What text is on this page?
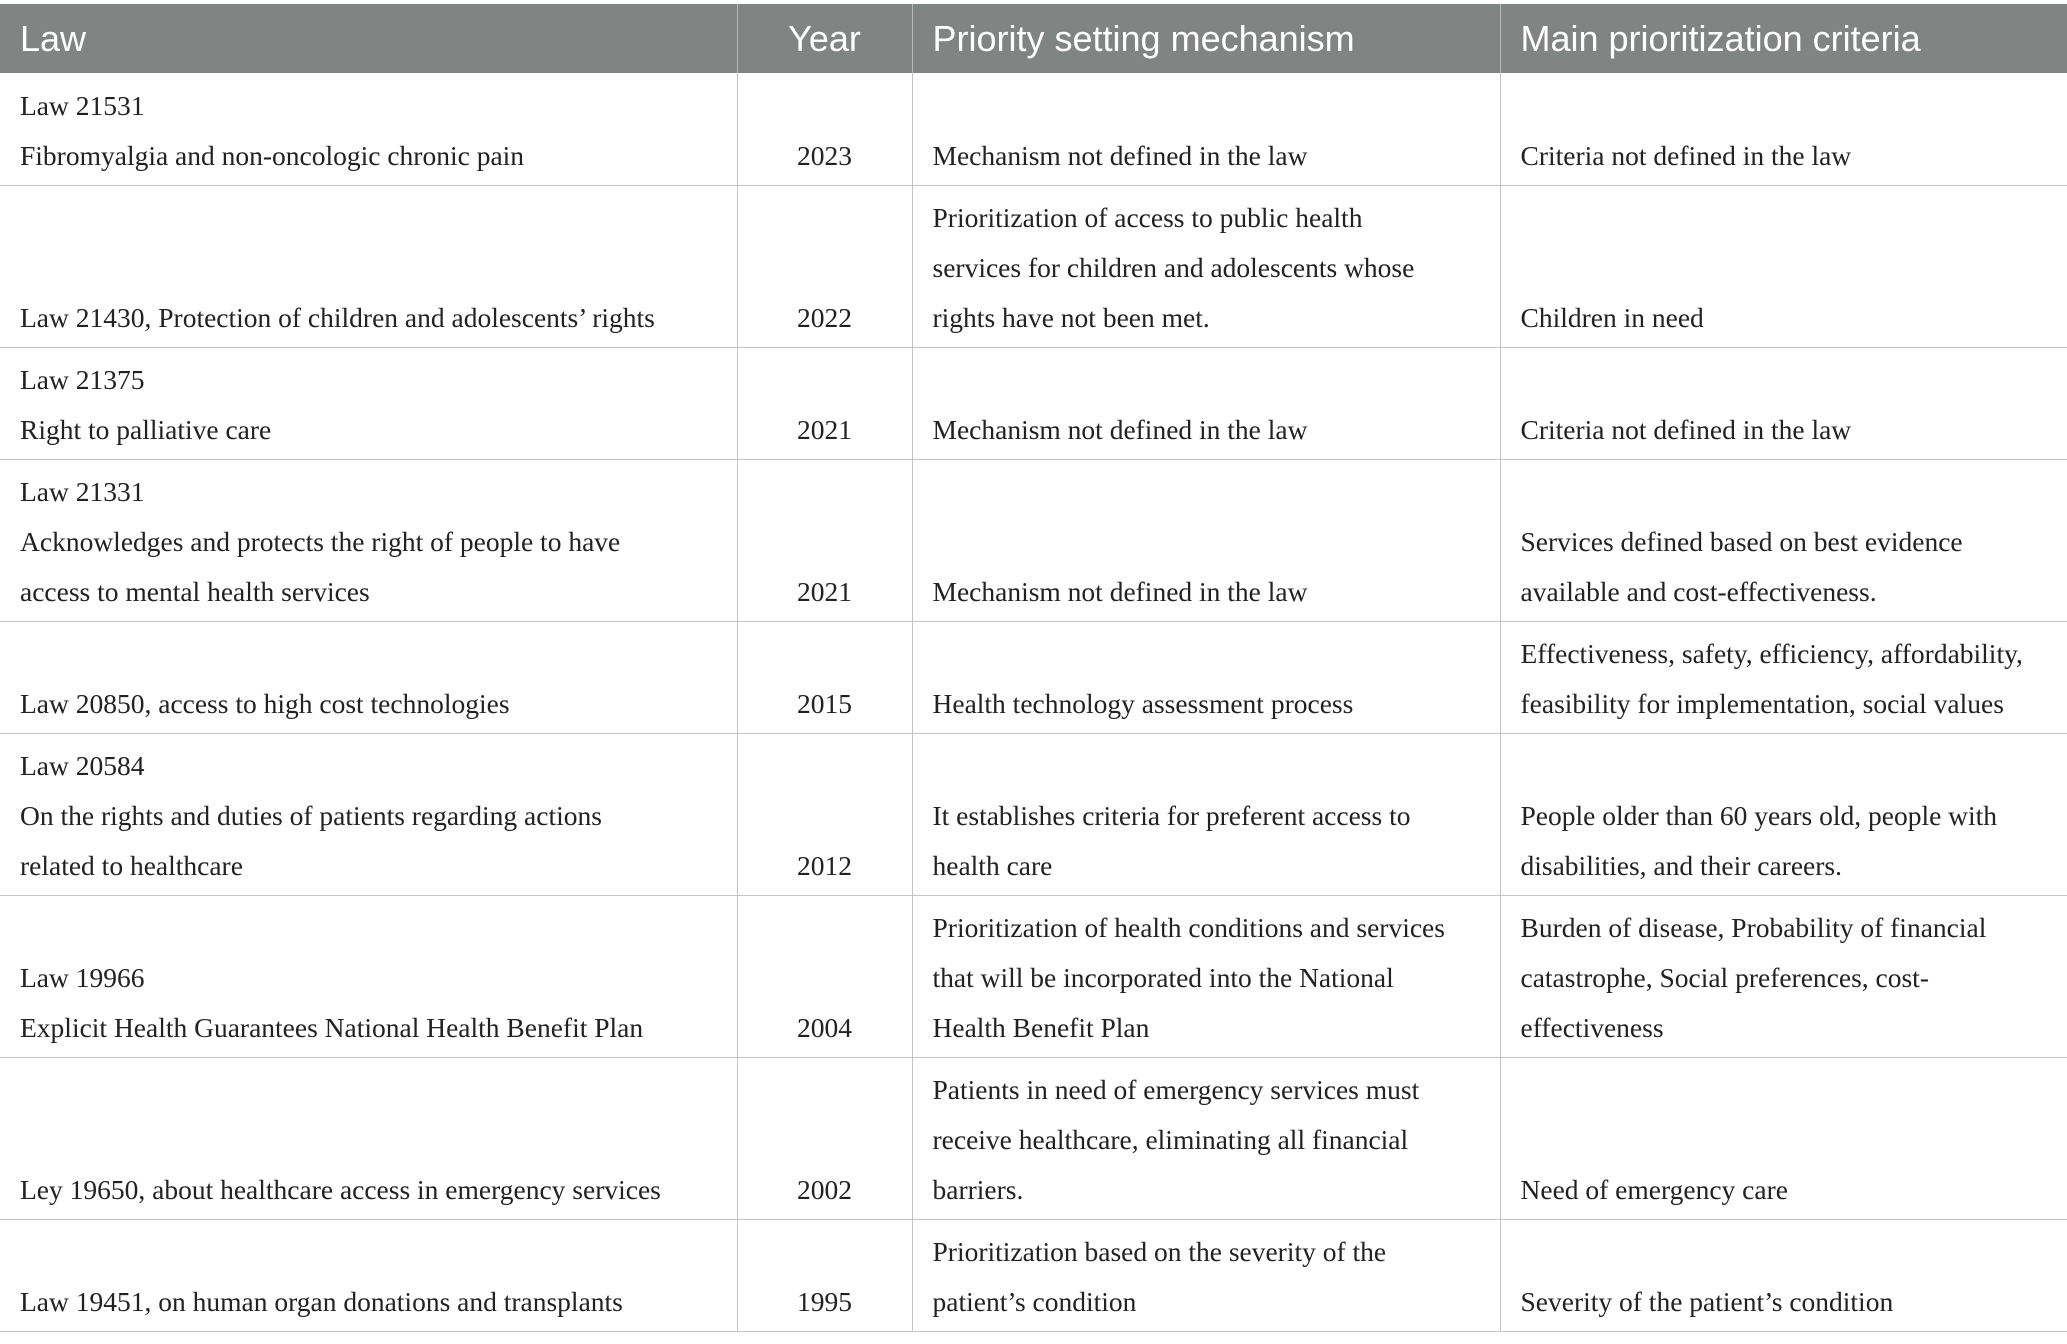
Law	Year	Priority setting mechanism	Main prioritization criteria

Law 21531
Fibromyalgia and non-oncologic chronic pain	2023	Mechanism not defined in the law	Criteria not defined in the law

Law 21430, Protection of children and adolescents’ rights	2022	Prioritization of access to public health
services for children and adolescents whose
rights have not been met.	Children in need

Law 21375
Right to palliative care	2021	Mechanism not defined in the law	Criteria not defined in the law

Law 21331
Acknowledges and protects the right of people to have
access to mental health services	2021	Mechanism not defined in the law	Services defined based on best evidence
available and cost-effectiveness.

Law 20850, access to high cost technologies	2015	Health technology assessment process	Effectiveness, safety, efficiency, affordability,
feasibility for implementation, social values

Law 20584
On the rights and duties of patients regarding actions
related to healthcare	2012	It establishes criteria for preferent access to
health care	People older than 60 years old, people with
disabilities, and their careers.

Law 19966
Explicit Health Guarantees National Health Benefit Plan	2004	Prioritization of health conditions and services
that will be incorporated into the National
Health Benefit Plan	Burden of disease, Probability of financial
catastrophe, Social preferences, cost-
effectiveness

Ley 19650, about healthcare access in emergency services	2002	Patients in need of emergency services must
receive healthcare, eliminating all financial
barriers.	Need of emergency care

Law 19451, on human organ donations and transplants	1995	Prioritization based on the severity of the
patient’s condition	Severity of the patient’s condition
